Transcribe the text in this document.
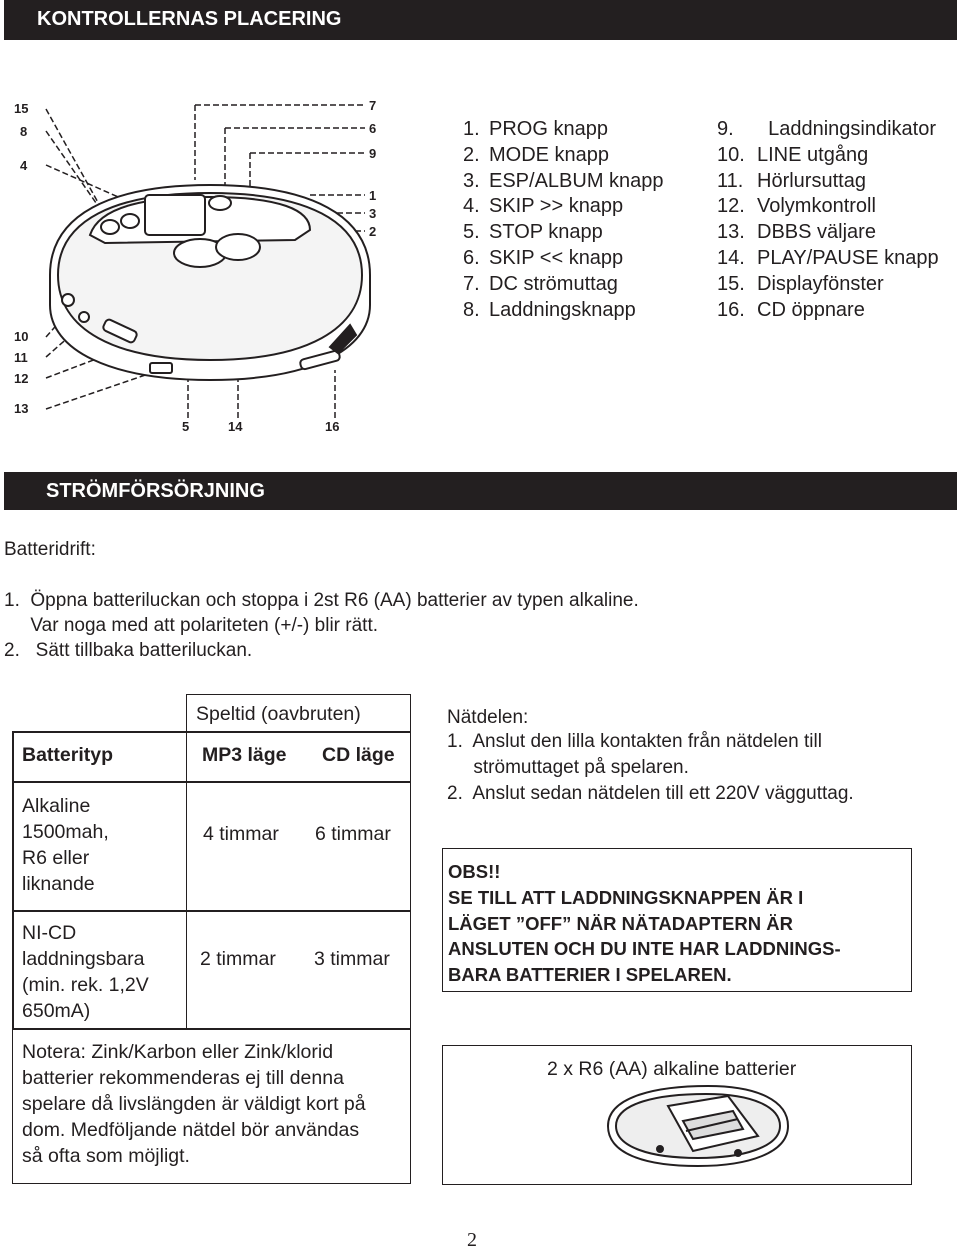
KONTROLLERNAS PLACERING
15
8
4
10
11
12
13
7
6
9
1
3
2
5	14	16
1. PROG knapp
2. MODE knapp
3. ESP/ALBUM knapp
4. SKIP >> knapp
5. STOP knapp
6. SKIP << knapp
7. DC strömuttag
8. Laddningsknapp
9.  Laddningsindikator
10. LINE utgång
11. Hörlursuttag
12. Volymkontroll
13. DBBS väljare
14. PLAY/PAUSE knapp
15. Displayfönster
16. CD öppnare
STRÖMFÖRSÖRJNING
Batteridrift:
1.  Öppna batteriluckan och stoppa i 2st R6 (AA) batterier av typen alkaline.
Var noga med att polariteten (+/-) blir rätt.
2.   Sätt tillbaka batteriluckan.
Speltid (oavbruten)
Batterityp	MP3 läge CD läge
Alkaline
1500mah,
R6 eller
liknande
4 timmar 6 timmar
NI-CD
laddningsbara
(min. rek. 1,2V
650mA)
2 timmar 3 timmar
Notera: Zink/Karbon eller Zink/klorid
batterier rekommenderas ej till denna
spelare då livslängden är väldigt kort på
dom. Medföljande nätdel bör användas
så ofta som möjligt.
Nätdelen:
1.  Anslut den lilla kontakten från nätdelen till
strömuttaget på spelaren.
2.  Anslut sedan nätdelen till ett 220V vägguttag.
OBS!!
SE TILL ATT LADDNINGSKNAPPEN ÄR I
LÄGET ”OFF” NÄR NÄTADAPTERN ÄR
ANSLUTEN OCH DU INTE HAR LADDNINGS-
BARA BATTERIER I SPELAREN.
2 x R6 (AA) alkaline batterier
2
